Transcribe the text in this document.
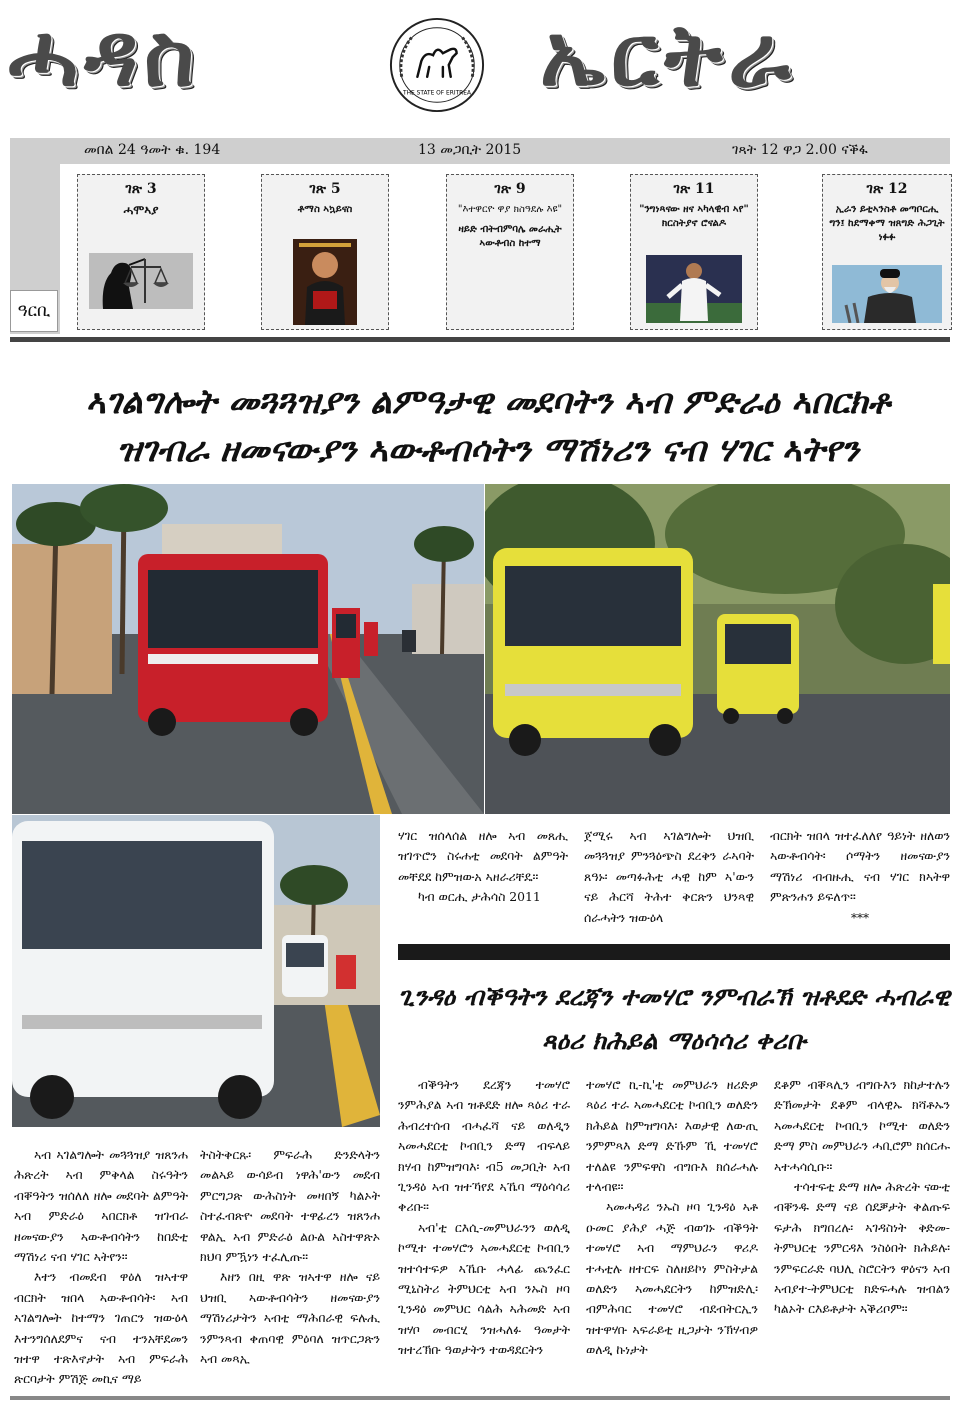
ሓዳስ	THE STATE OF ERITREA ኤርትራ
መበል 24 ዓመት ቁ. 194	13 መጋቢት 2015	ገጻት 12 ዋጋ 2.00 ናቕፋ
ዓርቢ
ገጽ 3
ሓሞኣያ
ገጽ 5
ቶማስ ኣኳይናስ
ገጽ 9
"እተዋርዮ ዋያ ክስዓደሉ እዩ"
ዛይድ ብትብምባሌ መራሒት ኣውቶብስ ከተማ
ገጽ 11
"ንግነጻናው ዘና ኣካላዊብ ኣየ" ክርስትያኖ ሮናልዶ
ገጽ 12
ኢራን ይቲኣንስቶ መጣቦርሒ ግን፤ ከደማቀማ ዝጸግድ ሕጋጊት ነፉፉ
ኣገልግሎት መጓጓዝያን ልምዓታዊ መደባትን ኣብ ምድራዕ ኣበርክቶ
ዝገብራ ዘመናውያን ኣውቶብሳትን ማሽነሪን ናብ ሃገር ኣትየን
ኣብ ኣገልግሎት መጓጓዝያ ዝጸንሐ ሕጽረት ኣብ ምቅላል ስሩዓትን ብቐዓትን ዝሰለለ ዘሎ መደባት ልምዓት ኣብ ምድራዕ ኣበርክቶ ዝገብራ ዘመናውያን ኣውቶብሳትን ከበድቲ ማሽነሪ ናብ ሃገር ኣትየን።
እተን ብመደብ ዋዕለ ዝኣተዋ ብርክት ዝበላ ኣውቶብሳት፡ ኣብ ኣገልግሎት ከተማን ገጠርን ዝውዕላ እተንግሰለደምና ናብ ተንአቸደመን ዝተዋ ተጽእኖታት ኣብ ምፍራሕ ጽርባታት ምሽጅ መኪና ማይ
ትስትቅርጹ፡ ምፍራሕ ድንድላትን መልኣይ ውሳይብ ነዋሕ'ውን መደብ ምርግጋጽ ውሕስነት መዛበኝ ካልኦት ስተፈብጽዮ መደባት ተዋፊረን ዝጸንሐ ዋልኢ ኣብ ምድራዕ ልዑል ኣስተዋጽኦ ክህባ ምዃነን ተፈሊጡ።
እዘን በዚ ዋጽ ዝኣተዋ ዘሎ ናይ ህዝቢ ኣውቶብሳትን ዘመናውያን ማሽነሪታትን ኣብቲ ማሕበራዊ ፍሉሒ ንምንጻብ ቀጠባዊ ምዕባለ ዝጥርጋጽን ኣብ መጻኢ
ሃገር ዝሰላሰል ዘሎ ኣብ መጸሒ ዝገጥሮን ስሩሐቲ መደባት ልምዓት መቸደደ ከምዝውአ ኣዘራሪቸዴ።
ካብ ወርሒ ታሕሳስ 2011
ጀሚሩ ኣብ ኣገልግሎት ህዝቢ መጓጓዝያ ምንጓዕጭስ ደረቅን ራኣባት ጸዓኑ፡ መጣፉሕቲ ሓዊ ከም ኣ'ውን ናይ ሕርሻ ትሕተ ቅርጽን ህንጻዊ ሰራሓትን ዝውዕላ
ብርክት ዝበላ ዝተፈለለየ ዓይነት ዘለወን ኣውቶብሳት፡ ሶማትን ዘመናውያን ማሽነሪ ብብዙሒ ናብ ሃገር ክኣትዋ ምጽንሐን ይፍለጥ።
***
ጊንዳዕ ብቕዓትን ደረጃን ተመሃሮ ንምብራኽ ዝቶደድ ሓብራዊ
ጻዕሪ ክሕይል ማዕሳሳሪ ቀሪቡ
ብቕዓትን ደረጃን ተመሃሮ ንምሕያል ኣብ ዝቶደድ ዘሎ ጻዕሪ ተራ ሕብረተሰብ ብሓፈሻ ናይ ወለዲን ኣመሓደርቲ ኮብቢን ድማ ብፍላይ ክሃብ ከምዝግባእ፡ ብ5 መጋቢት ኣብ ጊንዳዕ ኣብ ዝተኻየደ ኣኼባ ማዕሳሳሪ ቀሪቡ።
ኣብ'ቲ ርእሲ-መምህራንን ወለዲ ኮሚተ ተመሃሮን ኣመሓደርቲ ኮብቢን ዝተሳተፍዎ ኣኼቡ ሓላፊ ጨንፈር ሚኒስትሪ ትምህርቲ ኣብ ንኡስ ዞባ ጊንዳዕ መምህር ሳልሕ ኣሕመድ ኣብ ዝሃቦ መብርሂ ንዝሓለፉ ዓመታት ዝተረኽቡ ዓወታትን ተወዳደርትን
ተመሃሮ ኪ-ኪ'ቲ መምህራን ዘሪድዎ ጻዕሪ ተራ ኣመሓደርቲ ኮብቢን ወለድን ክሕይል ከምዝግባእ፡ እወታዊ ለውጢ ንምምጻእ ድማ ድኹም ኺ ተመሃሮ ተለልዩ ንምፍዋስ ብግቡእ ክሰራሓሉ ተላብዩ።
ኣመሓዳሪ ንኡስ ዞባ ጊንዳዕ ኣቶ ዑመር ያሕያ ሓጅ ብወገኑ ብቕዓት ተመሃሮ ኣብ ማምህራን ዋሪዶ ተሓቲሉ ዘተርፍ ስለዘይኮነ ምስትታል ወለድን ኣመሓደርትን ከምዝድሊ፡ ብምሕባር ተመሃሮ ብደብትርኢን ዝተዋሃቡ ኣፍራይቲ ዚጋታት ንኽሃብዎ ወለዲ ኩነታት
ደቆም ብቐጻሊን ብግቡእን ክከታተሉን ድኽመታት ደቆም ብላዊኡ ክሻቶኡን ኣመሓደርቲ ኮብቢን ኮሚተ ወለድን ድማ ምስ መምህራን ሓቢሮም ክሰርሑ ኣተሓሳሲቡ።
ተሳተፍቲ ድማ ዘሎ ሕጽረት ናውቲ ብቐንዱ ድማ ናይ ሰደቓታት ቅልጡፍ ፍታሕ ክግበረሉ፡ ኣገዳስነት ቅድመ-ትምህርቲ ንምርዳእ ንስዕበት ክሕይሉ፡ ንምፍርራድ ባህሊ ስሮርትን ዋዕናን ኣብ ኣብያተ-ትምህርቲ ክድፍሓሉ ዝብልን ካልኦት ርእይቶታት ኣቕሪቦም።
